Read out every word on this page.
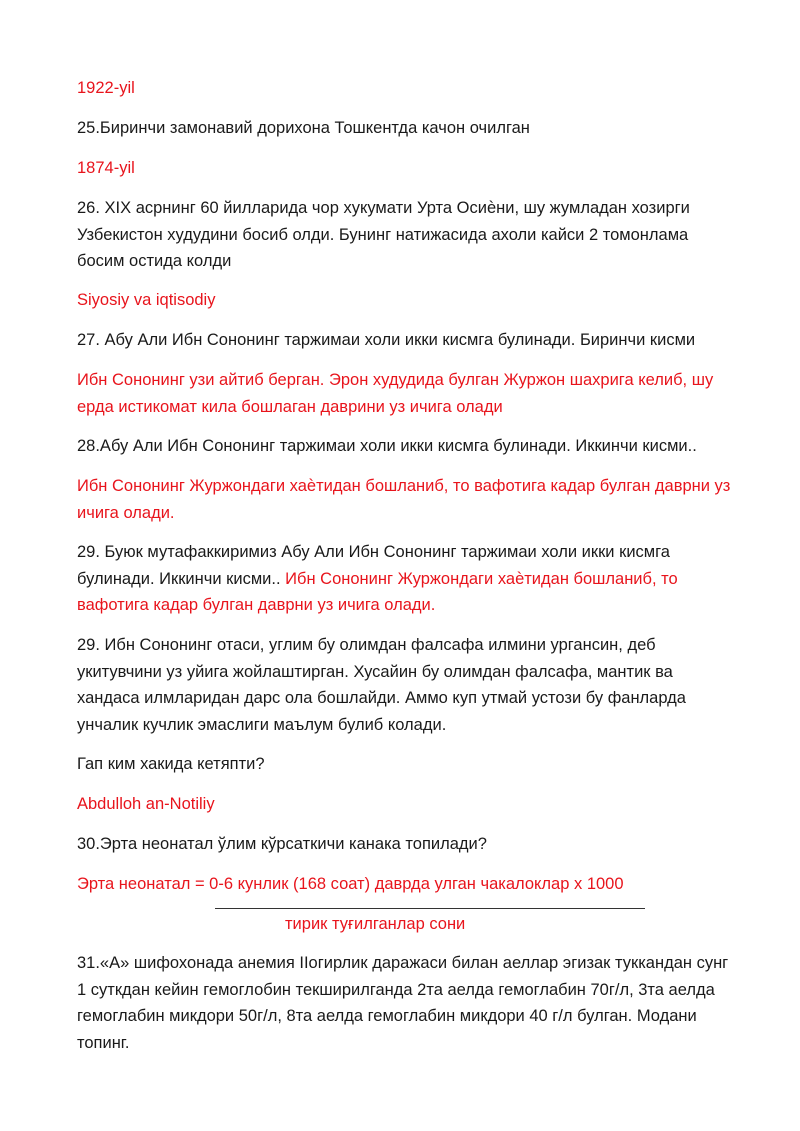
1922-yil

25.Биринчи замонавий дорихона Тошкентда качон очилган

1874-yil

26. XIX асрнинг 60 йилларида чор хукумати Урта Осиѐни, шу жумладан хозирги Узбекистон худудини босиб олди. Бунинг натижасида ахоли кайси 2 томонлама босим остида колди

Siyosiy va iqtisodiy

27. Абу Али Ибн Сононинг таржимаи холи икки кисмга булинади. Биринчи кисми

Ибн Сононинг узи айтиб берган. Эрон худудида булган Журжон шахрига келиб, шу ерда истикомат кила бошлаган даврини уз ичига олади

28.Абу Али Ибн Сононинг таржимаи холи икки кисмга булинади. Иккинчи кисми..

Ибн Сононинг Журжондаги хаѐтидан бошланиб, то вафотига кадар булган даврни уз ичига олади.

29. Буюк мутафаккиримиз Абу Али Ибн Сононинг таржимаи холи икки кисмга булинади. Иккинчи кисми.. Ибн Сононинг Журжондаги хаѐтидан бошланиб, то вафотига кадар булган даврни уз ичига олади.

29. Ибн Сононинг отаси, углим бу олимдан фалсафа илмини ургансин, деб укитувчини уз уйига жойлаштирган. Хусайин бу олимдан фалсафа, мантик ва хандаса илмларидан дарс ола бошлайди. Аммо куп утмай устози бу фанларда унчалик кучлик эмаслиги маълум булиб колади.

Гап ким хакида кетяпти?

Abdulloh an-Notiliy

30.Эрта неонатал ўлим кўрсаткичи канака топилади?

Эрта неонатал = 0-6 кунлик (168 соат) даврда улган чакалоклар х 1000

тирик туғилганлар сони

31.«A» шифохонада анемия IIогирлик даражаси билан аеллар эгизак туккандан сунг 1 суткдан кейин гемоглобин текширилганда 2та аелда гемоглабин 70г/л, 3та аелда гемоглабин микдори 50г/л, 8та аелда гемоглабин микдори 40 г/л булган. Модани топинг.
